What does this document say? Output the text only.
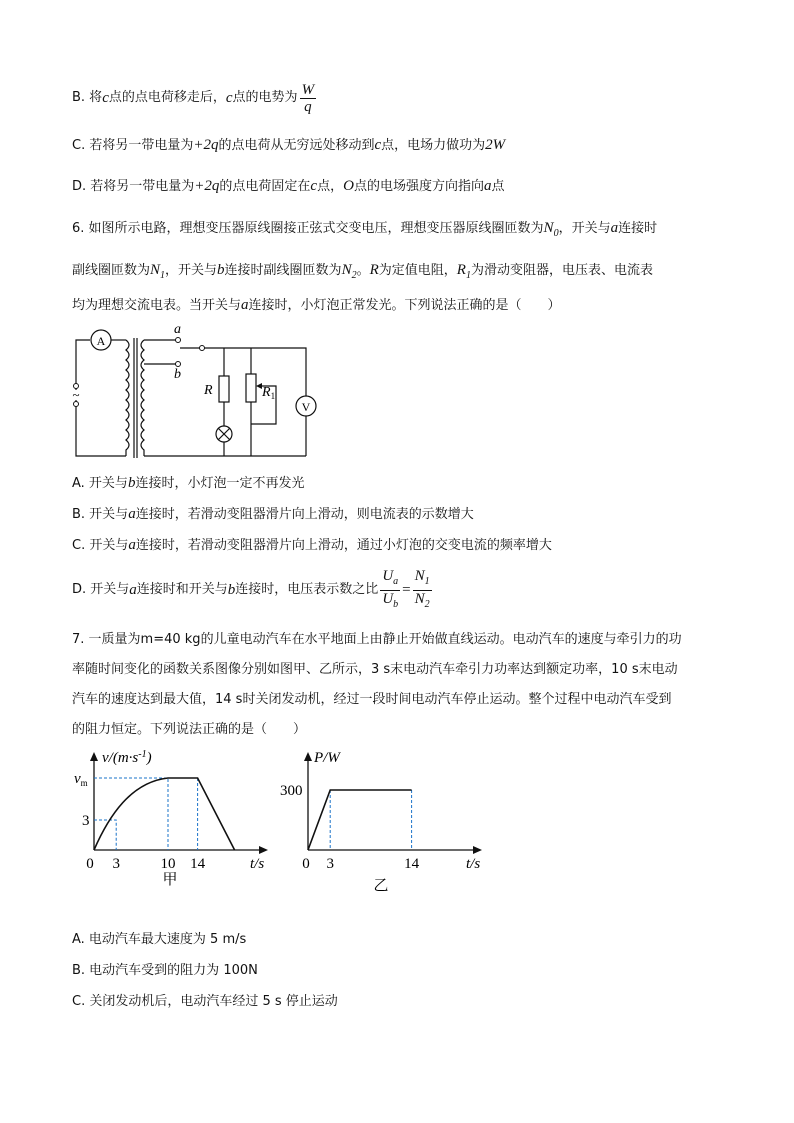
B. 将 c 点的点电荷移走后， c 点的电势为 $\frac{W}{q}$
C. 若将另一带电量为+2q的点电荷从无穷远处移动到c点，电场力做功为2W
D. 若将另一带电量为+2q的点电荷固定在c点，O点的电场强度方向指向a点
6. 如图所示电路，理想变压器原线圈接正弦式交变电压，理想变压器原线圈匝数为$N_0$，开关与a连接时
副线圈匝数为$N_1$，开关与b连接时副线圈匝数为$N_2$。R为定值电阻，$R_1$为滑动变阻器，电压表、电流表
均为理想交流电表。当开关与a连接时，小灯泡正常发光。下列说法正确的是（　　）
A
V
~
a
b
R	$R_1$
A. 开关与b连接时，小灯泡一定不再发光
B. 开关与a连接时，若滑动变阻器滑片向上滑动，则电流表的示数增大
C. 开关与a连接时，若滑动变阻器滑片向上滑动，通过小灯泡的交变电流的频率增大
D. 开关与 a 连接时和开关与 b 连接时，电压表示数之比 $\frac{U_a}{U_b} = \frac{N_1}{N_2}$
7. 一质量为m=40 kg的儿童电动汽车在水平地面上由静止开始做直线运动。电动汽车的速度与牵引力的功
率随时间变化的函数关系图像分别如图甲、乙所示，3 s末电动汽车牵引力功率达到额定功率，10 s末电动
汽车的速度达到最大值，14 s时关闭发动机，经过一段时间电动汽车停止运动。整个过程中电动汽车受到
的阻力恒定。下列说法正确的是（　　）
$v/(m\cdot s^{-1})$
$v_m$
3
0 3	10 14	t/s
甲
P/W
300
0 3	14	t/s
乙
A. 电动汽车最大速度为 5 m/s
B. 电动汽车受到的阻力为 100N
C. 关闭发动机后，电动汽车经过 5 s 停止运动
